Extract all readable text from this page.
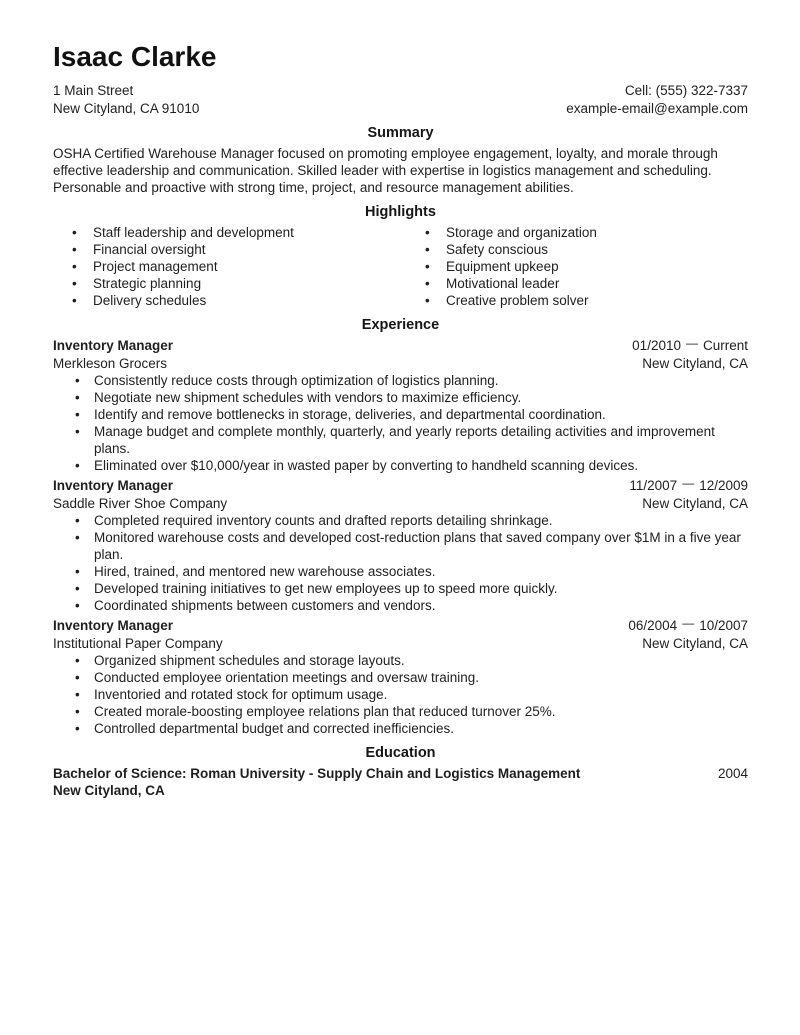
Isaac Clarke
1 Main Street
New Cityland, CA 91010
Cell: (555) 322-7337
example-email@example.com
Summary

OSHA Certified Warehouse Manager focused on promoting employee engagement, loyalty, and morale through effective leadership and communication. Skilled leader with expertise in logistics management and scheduling. Personable and proactive with strong time, project, and resource management abilities.

Highlights
•	Staff leadership and development
•	Financial oversight
•	Project management
•	Strategic planning
•	Delivery schedules
•	Storage and organization
•	Safety conscious
•	Equipment upkeep
•	Motivational leader
•	Creative problem solver
Experience
Inventory Manager	01/2010 — Current
Merkleson Grocers	New Cityland, CA
•	Consistently reduce costs through optimization of logistics planning.
•	Negotiate new shipment schedules with vendors to maximize efficiency.
•	Identify and remove bottlenecks in storage, deliveries, and departmental coordination.
•	Manage budget and complete monthly, quarterly, and yearly reports detailing activities and improvement plans.
•	Eliminated over $10,000/year in wasted paper by converting to handheld scanning devices.
Inventory Manager	11/2007 — 12/2009
Saddle River Shoe Company	New Cityland, CA
•	Completed required inventory counts and drafted reports detailing shrinkage.
•	Monitored warehouse costs and developed cost-reduction plans that saved company over $1M in a five year plan.
•	Hired, trained, and mentored new warehouse associates.
•	Developed training initiatives to get new employees up to speed more quickly.
•	Coordinated shipments between customers and vendors.
Inventory Manager	06/2004 — 10/2007
Institutional Paper Company	New Cityland, CA
•	Organized shipment schedules and storage layouts.
•	Conducted employee orientation meetings and oversaw training.
•	Inventoried and rotated stock for optimum usage.
•	Created morale-boosting employee relations plan that reduced turnover 25%.
•	Controlled departmental budget and corrected inefficiencies.
Education
Bachelor of Science: Roman University - Supply Chain and Logistics Management	2004
New Cityland, CA
